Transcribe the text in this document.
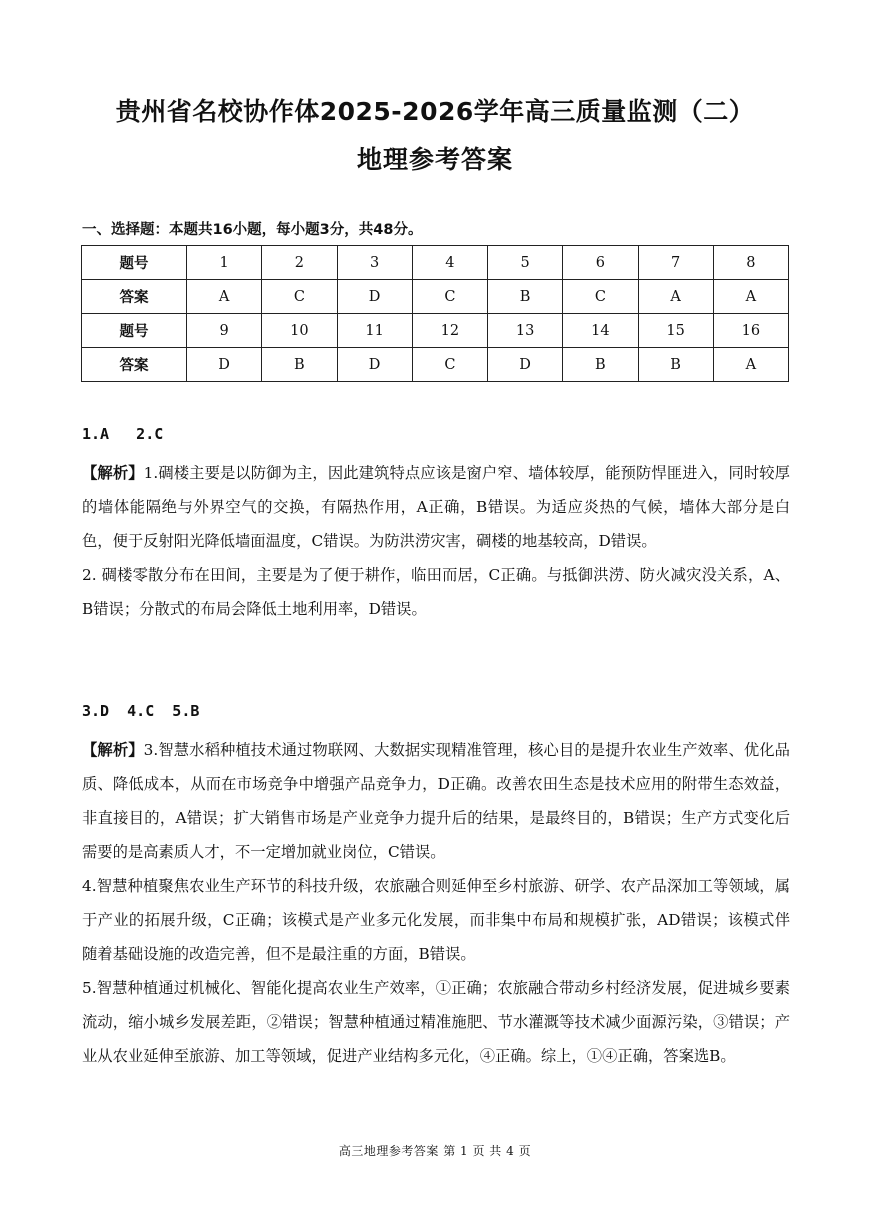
贵州省名校协作体2025-2026学年高三质量监测（二）
地理参考答案
一、选择题：本题共16小题，每小题3分，共48分。
题号	1	2	3	4	5	6	7	8
答案	A	C	D	C	B	C	A	A
题号	9	10	11	12	13	14	15	16
答案	D	B	D	C	D	B	B	A
1.A   2.C

【解析】1.碉楼主要是以防御为主，因此建筑特点应该是窗户窄、墙体较厚，能预防悍匪进入，同时较厚的墙体能隔绝与外界空气的交换，有隔热作用，A正确，B错误。为适应炎热的气候，墙体大部分是白色，便于反射阳光降低墙面温度，C错误。为防洪涝灾害，碉楼的地基较高，D错误。

2. 碉楼零散分布在田间，主要是为了便于耕作，临田而居，C正确。与抵御洪涝、防火减灾没关系，A、B错误；分散式的布局会降低土地利用率，D错误。

3.D  4.C  5.B

【解析】3.智慧水稻种植技术通过物联网、大数据实现精准管理，核心目的是提升农业生产效率、优化品质、降低成本，从而在市场竞争中增强产品竞争力，D正确。改善农田生态是技术应用的附带生态效益，非直接目的，A错误；扩大销售市场是产业竞争力提升后的结果，是最终目的，B错误；生产方式变化后需要的是高素质人才，不一定增加就业岗位，C错误。

4.智慧种植聚焦农业生产环节的科技升级，农旅融合则延伸至乡村旅游、研学、农产品深加工等领域，属于产业的拓展升级，C正确；该模式是产业多元化发展，而非集中布局和规模扩张，AD错误；该模式伴随着基础设施的改造完善，但不是最注重的方面，B错误。

5.智慧种植通过机械化、智能化提高农业生产效率，①正确；农旅融合带动乡村经济发展，促进城乡要素流动，缩小城乡发展差距，②错误；智慧种植通过精准施肥、节水灌溉等技术减少面源污染，③错误；产业从农业延伸至旅游、加工等领域，促进产业结构多元化，④正确。综上，①④正确，答案选B。

高三地理参考答案 第 1 页 共 4 页
